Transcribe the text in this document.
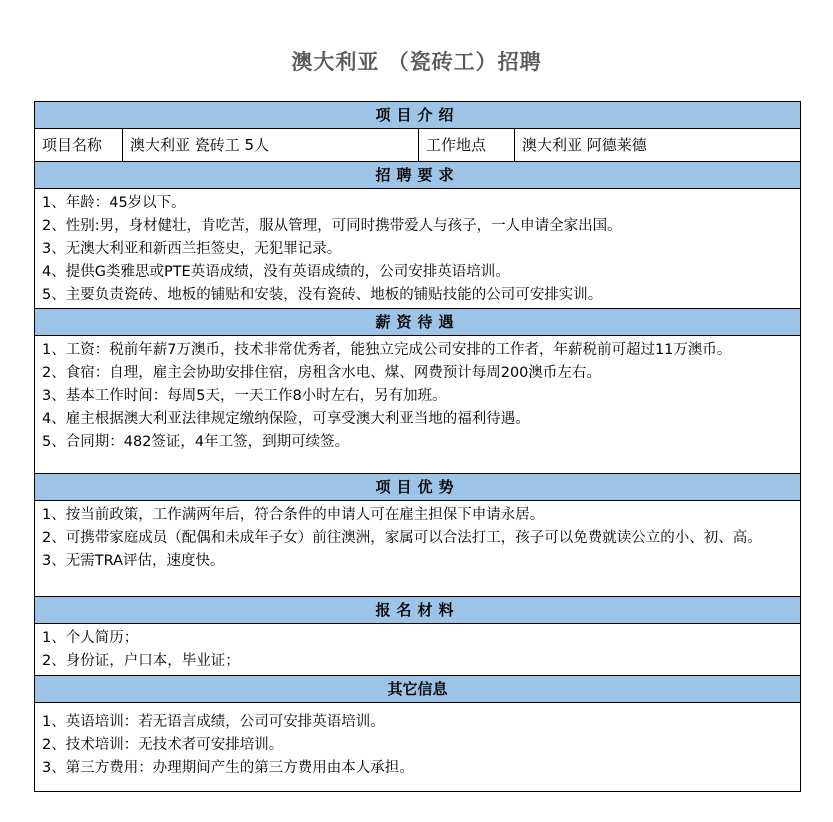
澳大利亚 （瓷砖工）招聘
项目介绍
项目名称	澳大利亚 瓷砖工 5人	工作地点	澳大利亚 阿德莱德
招聘要求
1、年龄：45岁以下。
2、性别:男，身材健壮，肯吃苦，服从管理，可同时携带爱人与孩子，一人申请全家出国。
3、无澳大利亚和新西兰拒签史，无犯罪记录。
4、提供G类雅思或PTE英语成绩，没有英语成绩的，公司安排英语培训。
5、主要负责瓷砖、地板的铺贴和安装，没有瓷砖、地板的铺贴技能的公司可安排实训。
薪资待遇
1、工资：税前年薪7万澳币，技术非常优秀者，能独立完成公司安排的工作者，年薪税前可超过11万澳币。
2、食宿：自理，雇主会协助安排住宿，房租含水电、煤、网费预计每周200澳币左右。
3、基本工作时间：每周5天，一天工作8小时左右，另有加班。
4、雇主根据澳大利亚法律规定缴纳保险，可享受澳大利亚当地的福利待遇。
5、合同期：482签证，4年工签，到期可续签。
项目优势
1、按当前政策，工作满两年后，符合条件的申请人可在雇主担保下申请永居。
2、可携带家庭成员（配偶和未成年子女）前往澳洲，家属可以合法打工，孩子可以免费就读公立的小、初、高。
3、无需TRA评估，速度快。
报名材料
1、个人简历；
2、身份证，户口本，毕业证；
其它信息
1、英语培训：若无语言成绩，公司可安排英语培训。
2、技术培训：无技术者可安排培训。
3、第三方费用：办理期间产生的第三方费用由本人承担。
